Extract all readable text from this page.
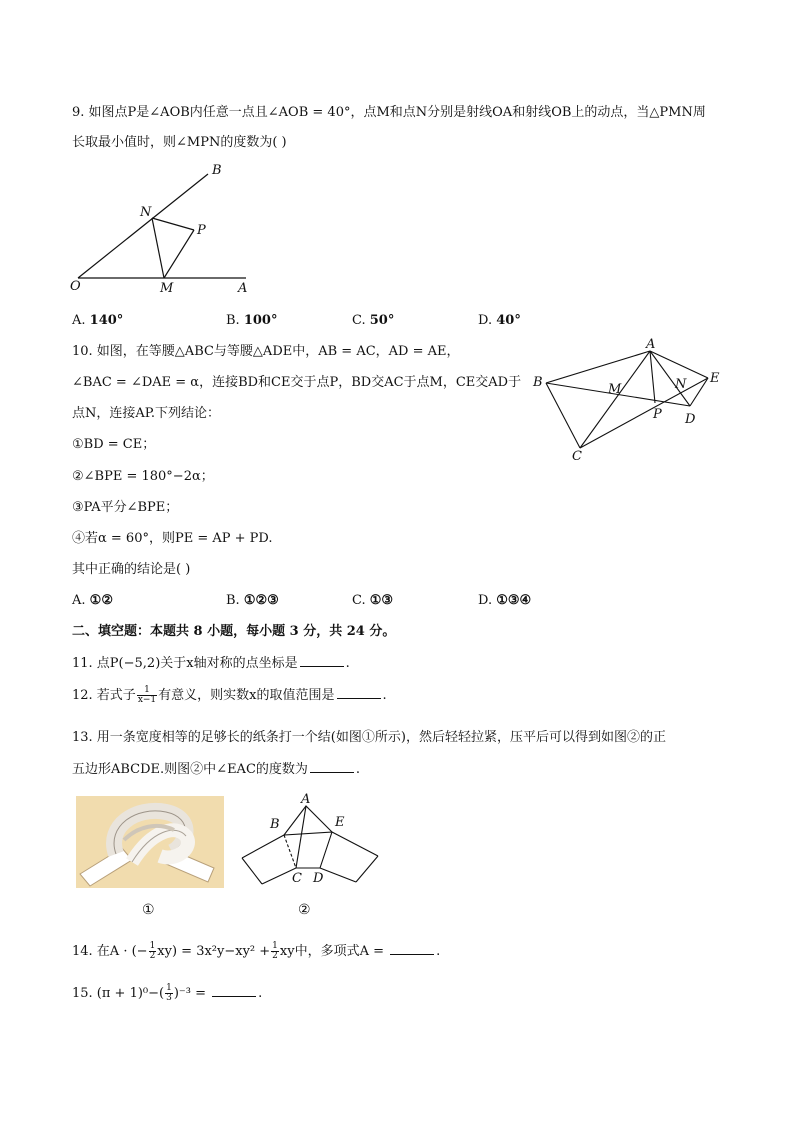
9. 如图点P是∠AOB内任意一点且∠AOB = 40°，点M和点N分别是射线OA和射线OB上的动点，当△PMN周
长取最小值时，则∠MPN的度数为( )
B
N
P
O	M	A
A. 140°	B. 100°	C. 50°	D. 40°
10. 如图，在等腰△ABC与等腰△ADE中，AB = AC，AD = AE，
∠BAC = ∠DAE = α，连接BD和CE交于点P，BD交AC于点M，CE交AD于
点N，连接AP.下列结论：
①BD = CE；
②∠BPE = 180°−2α；
③PA平分∠BPE；
④若α = 60°，则PE = AP + PD.
其中正确的结论是( )
A
B	M	N E
P D
C
A. ①②	B. ①②③	C. ①③	D. ①③④
二、填空题：本题共 8 小题，每小题 3 分，共 24 分。
11. 点P(−5,2)关于x轴对称的点坐标是	.
12. 若式子 $\frac{1}{x-1}$ 有意义，则实数x的取值范围是	.
13. 用一条宽度相等的足够长的纸条打一个结(如图①所示)，然后轻轻拉紧，压平后可以得到如图②的正
五边形ABCDE.则图②中∠EAC的度数为	.
A
B	E
C D
①	②
14. 在A · (− $\frac{1}{2} xy) = 3x^2y-xy^2 + \frac{1}{2}$ xy中，多项式A =	.
15. $(\pi + 1)^0-( \frac{1}{3} )^{-3}$ =	.
